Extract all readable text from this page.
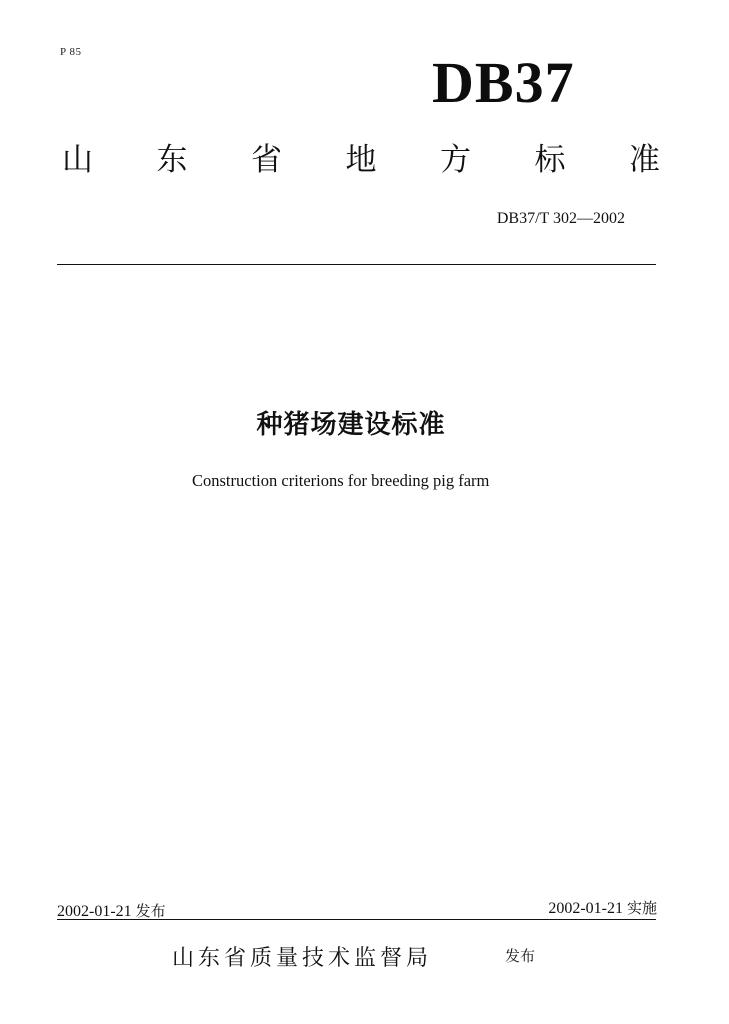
P 85	DB37
山 东 省 地 方 标 准
DB37/T 302—2002
种猪场建设标准
Construction criterions for breeding pig farm
2002-01-21 发布	2002-01-21 实施
山东省质量技术监督局	发布
